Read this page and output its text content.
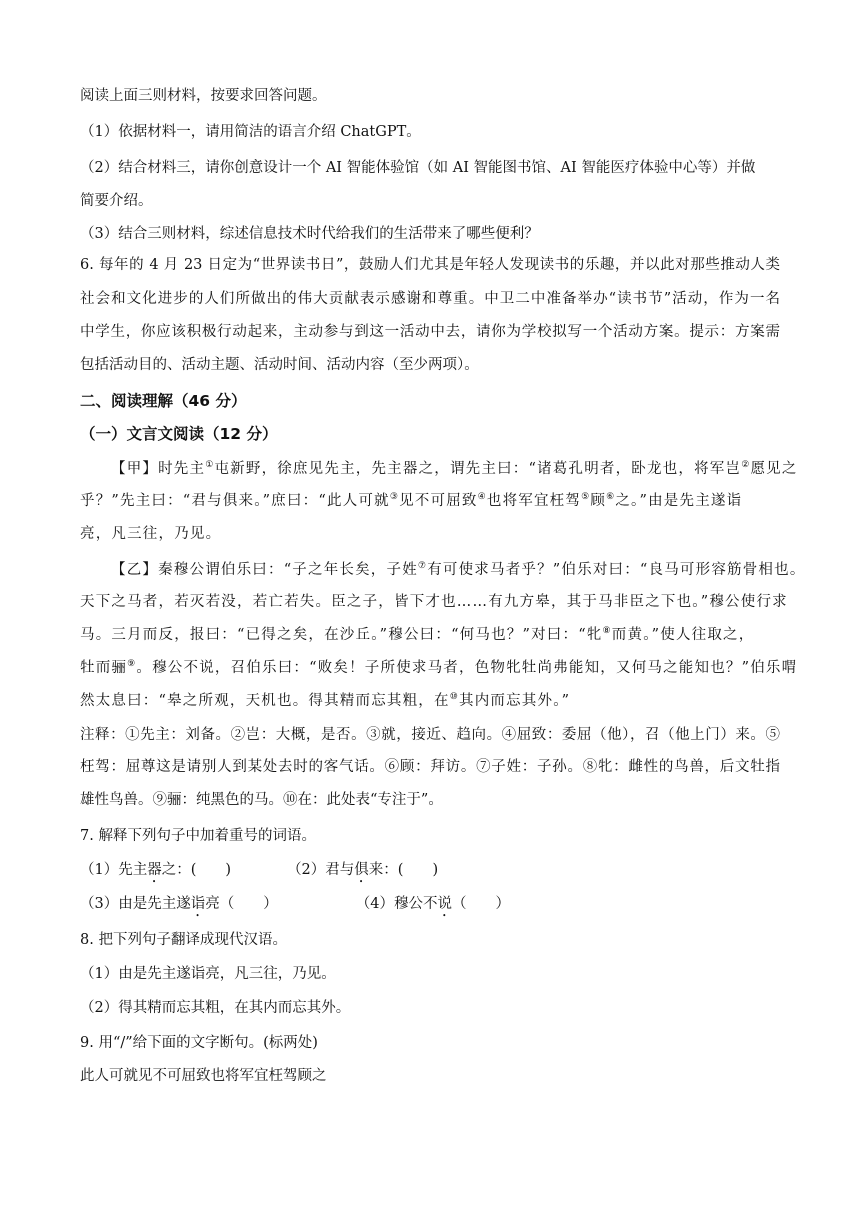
阅读上面三则材料，按要求回答问题。
（1）依据材料一，请用简洁的语言介绍 ChatGPT。
（2）结合材料三，请你创意设计一个 AI 智能体验馆（如 AI 智能图书馆、AI 智能医疗体验中心等）并做
简要介绍。
（3）结合三则材料，综述信息技术时代给我们的生活带来了哪些便利？
6. 每年的 4 月 23 日定为“世界读书日”，鼓励人们尤其是年轻人发现读书的乐趣，并以此对那些推动人类
社会和文化进步的人们所做出的伟大贡献表示感谢和尊重。中卫二中准备举办“读书节”活动，作为一名
中学生，你应该积极行动起来，主动参与到这一活动中去，请你为学校拟写一个活动方案。提示：方案需
包括活动目的、活动主题、活动时间、活动内容（至少两项）。
二、阅读理解（46 分）
（一）文言文阅读（12 分）
【甲】时先主①屯新野，徐庶见先主，先主器之，谓先主曰：“诸葛孔明者，卧龙也，将军岂②愿见之
乎？”先主曰：“君与俱来。”庶曰：“此人可就③见不可屈致④也将军宜枉驾⑤顾⑥之。”由是先主遂诣
亮，凡三往，乃见。
【乙】秦穆公谓伯乐曰：“子之年长矣，子姓⑦有可使求马者乎？”伯乐对曰：“良马可形容筋骨相也。
天下之马者，若灭若没，若亡若失。臣之子，皆下才也……有九方皋，其于马非臣之下也。”穆公使行求
马。三月而反，报曰：“已得之矣，在沙丘。”穆公曰：“何马也？”对曰：“牝⑧而黄。”使人往取之，
牡而骊⑨。穆公不说，召伯乐曰：“败矣！子所使求马者，色物牝牡尚弗能知，又何马之能知也？”伯乐喟
然太息曰：“皋之所观，天机也。得其精而忘其粗，在⑩其内而忘其外。”
注释：①先主：刘备。②岂：大概，是否。③就，接近、趋向。④屈致：委屈（他），召（他上门）来。⑤
枉驾：屈尊这是请别人到某处去时的客气话。⑥顾：拜访。⑦子姓：子孙。⑧牝：雌性的鸟兽，后文牡指
雄性鸟兽。⑨骊：纯黑色的马。⑩在：此处表“专注于”。
7. 解释下列句子中加着重号的词语。
（1）先主器之：(　　)	（2）君与俱来：(　　)
（3）由是先主遂诣亮（　　）	（4）穆公不说（　　）
8. 把下列句子翻译成现代汉语。
（1）由是先主遂诣亮，凡三往，乃见。
（2）得其精而忘其粗，在其内而忘其外。
9. 用“/”给下面的文字断句。(标两处)
此人可就见不可屈致也将军宜枉驾顾之
